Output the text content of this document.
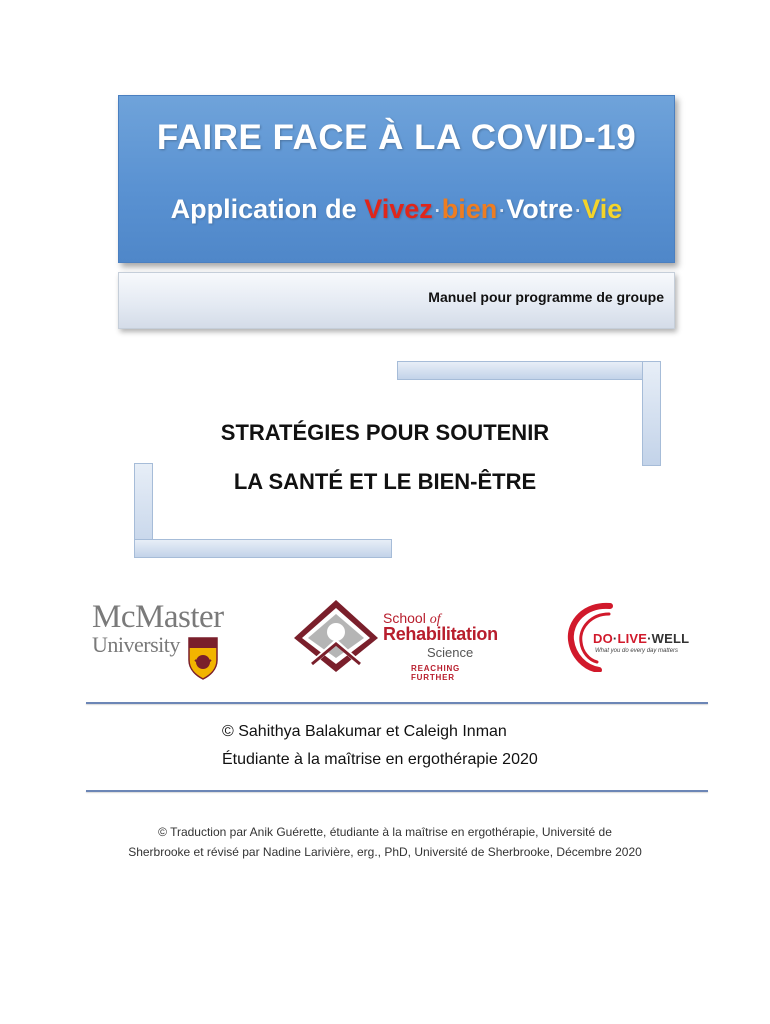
FAIRE FACE À LA COVID-19
Application de Vivez·bien·Votre·Vie
Manuel pour programme de groupe
STRATÉGIES POUR SOUTENIR
LA SANTÉ ET LE BIEN-ÊTRE
McMaster
University
School of
Rehabilitation
Science
REACHING FURTHER
DO·LIVE·WELL
What you do every day matters
© Sahithya Balakumar et Caleigh Inman
Étudiante à la maîtrise en ergothérapie 2020
© Traduction par Anik Guérette, étudiante à la maîtrise en ergothérapie, Université de
Sherbrooke et révisé par Nadine Larivière, erg., PhD, Université de Sherbrooke, Décembre 2020
